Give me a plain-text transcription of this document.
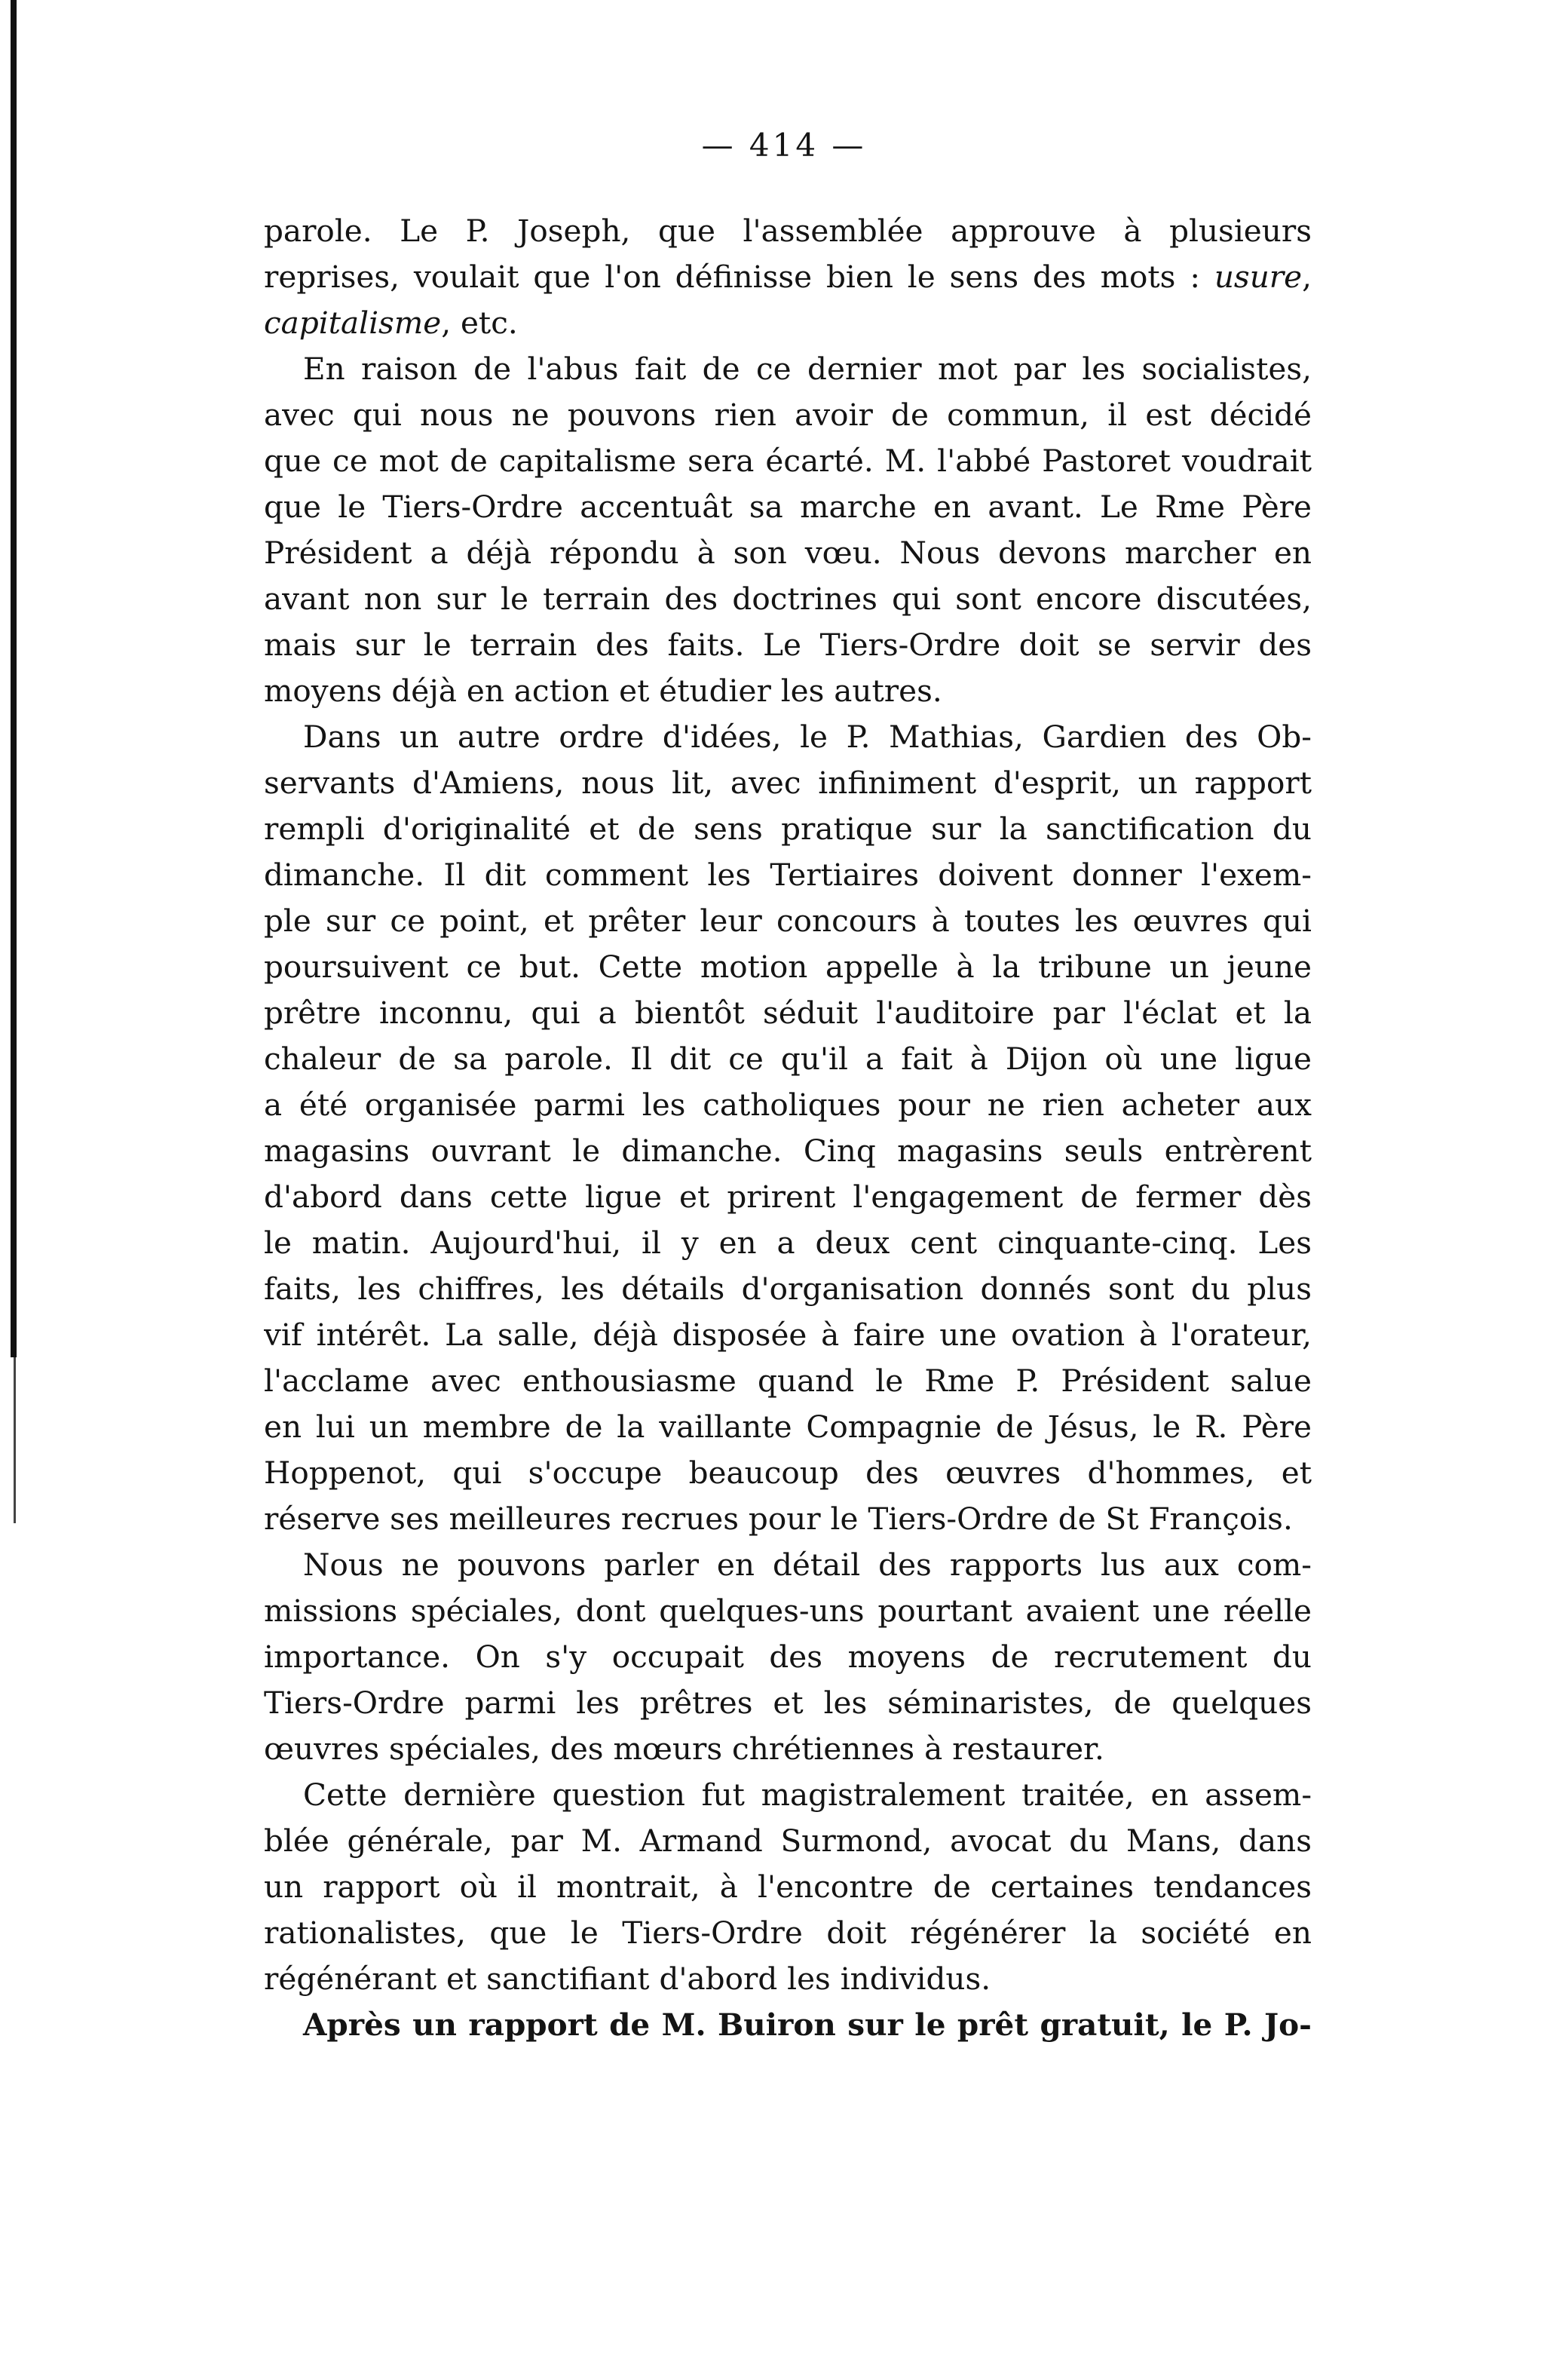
— 414 —
parole. Le P. Joseph, que l'assemblée approuve à plusieurs
reprises, voulait que l'on définisse bien le sens des mots : usure,
capitalisme, etc.
En raison de l'abus fait de ce dernier mot par les socialistes,
avec qui nous ne pouvons rien avoir de commun, il est décidé
que ce mot de capitalisme sera écarté. M. l'abbé Pastoret voudrait
que le Tiers-Ordre accentuât sa marche en avant. Le Rme Père
Président a déjà répondu à son vœu. Nous devons marcher en
avant non sur le terrain des doctrines qui sont encore discutées,
mais sur le terrain des faits. Le Tiers-Ordre doit se servir des
moyens déjà en action et étudier les autres.
Dans un autre ordre d'idées, le P. Mathias, Gardien des Ob-
servants d'Amiens, nous lit, avec infiniment d'esprit, un rapport
rempli d'originalité et de sens pratique sur la sanctification du
dimanche. Il dit comment les Tertiaires doivent donner l'exem-
ple sur ce point, et prêter leur concours à toutes les œuvres qui
poursuivent ce but. Cette motion appelle à la tribune un jeune
prêtre inconnu, qui a bientôt séduit l'auditoire par l'éclat et la
chaleur de sa parole. Il dit ce qu'il a fait à Dijon où une ligue
a été organisée parmi les catholiques pour ne rien acheter aux
magasins ouvrant le dimanche. Cinq magasins seuls entrèrent
d'abord dans cette ligue et prirent l'engagement de fermer dès
le matin. Aujourd'hui, il y en a deux cent cinquante-cinq. Les
faits, les chiffres, les détails d'organisation donnés sont du plus
vif intérêt. La salle, déjà disposée à faire une ovation à l'orateur,
l'acclame avec enthousiasme quand le Rme P. Président salue
en lui un membre de la vaillante Compagnie de Jésus, le R. Père
Hoppenot, qui s'occupe beaucoup des œuvres d'hommes, et
réserve ses meilleures recrues pour le Tiers-Ordre de St François.
Nous ne pouvons parler en détail des rapports lus aux com-
missions spéciales, dont quelques-uns pourtant avaient une réelle
importance. On s'y occupait des moyens de recrutement du
Tiers-Ordre parmi les prêtres et les séminaristes, de quelques
œuvres spéciales, des mœurs chrétiennes à restaurer.
Cette dernière question fut magistralement traitée, en assem-
blée générale, par M. Armand Surmond, avocat du Mans, dans
un rapport où il montrait, à l'encontre de certaines tendances
rationalistes, que le Tiers-Ordre doit régénérer la société en
régénérant et sanctifiant d'abord les individus.
Après un rapport de M. Buiron sur le prêt gratuit, le P. Jo-
